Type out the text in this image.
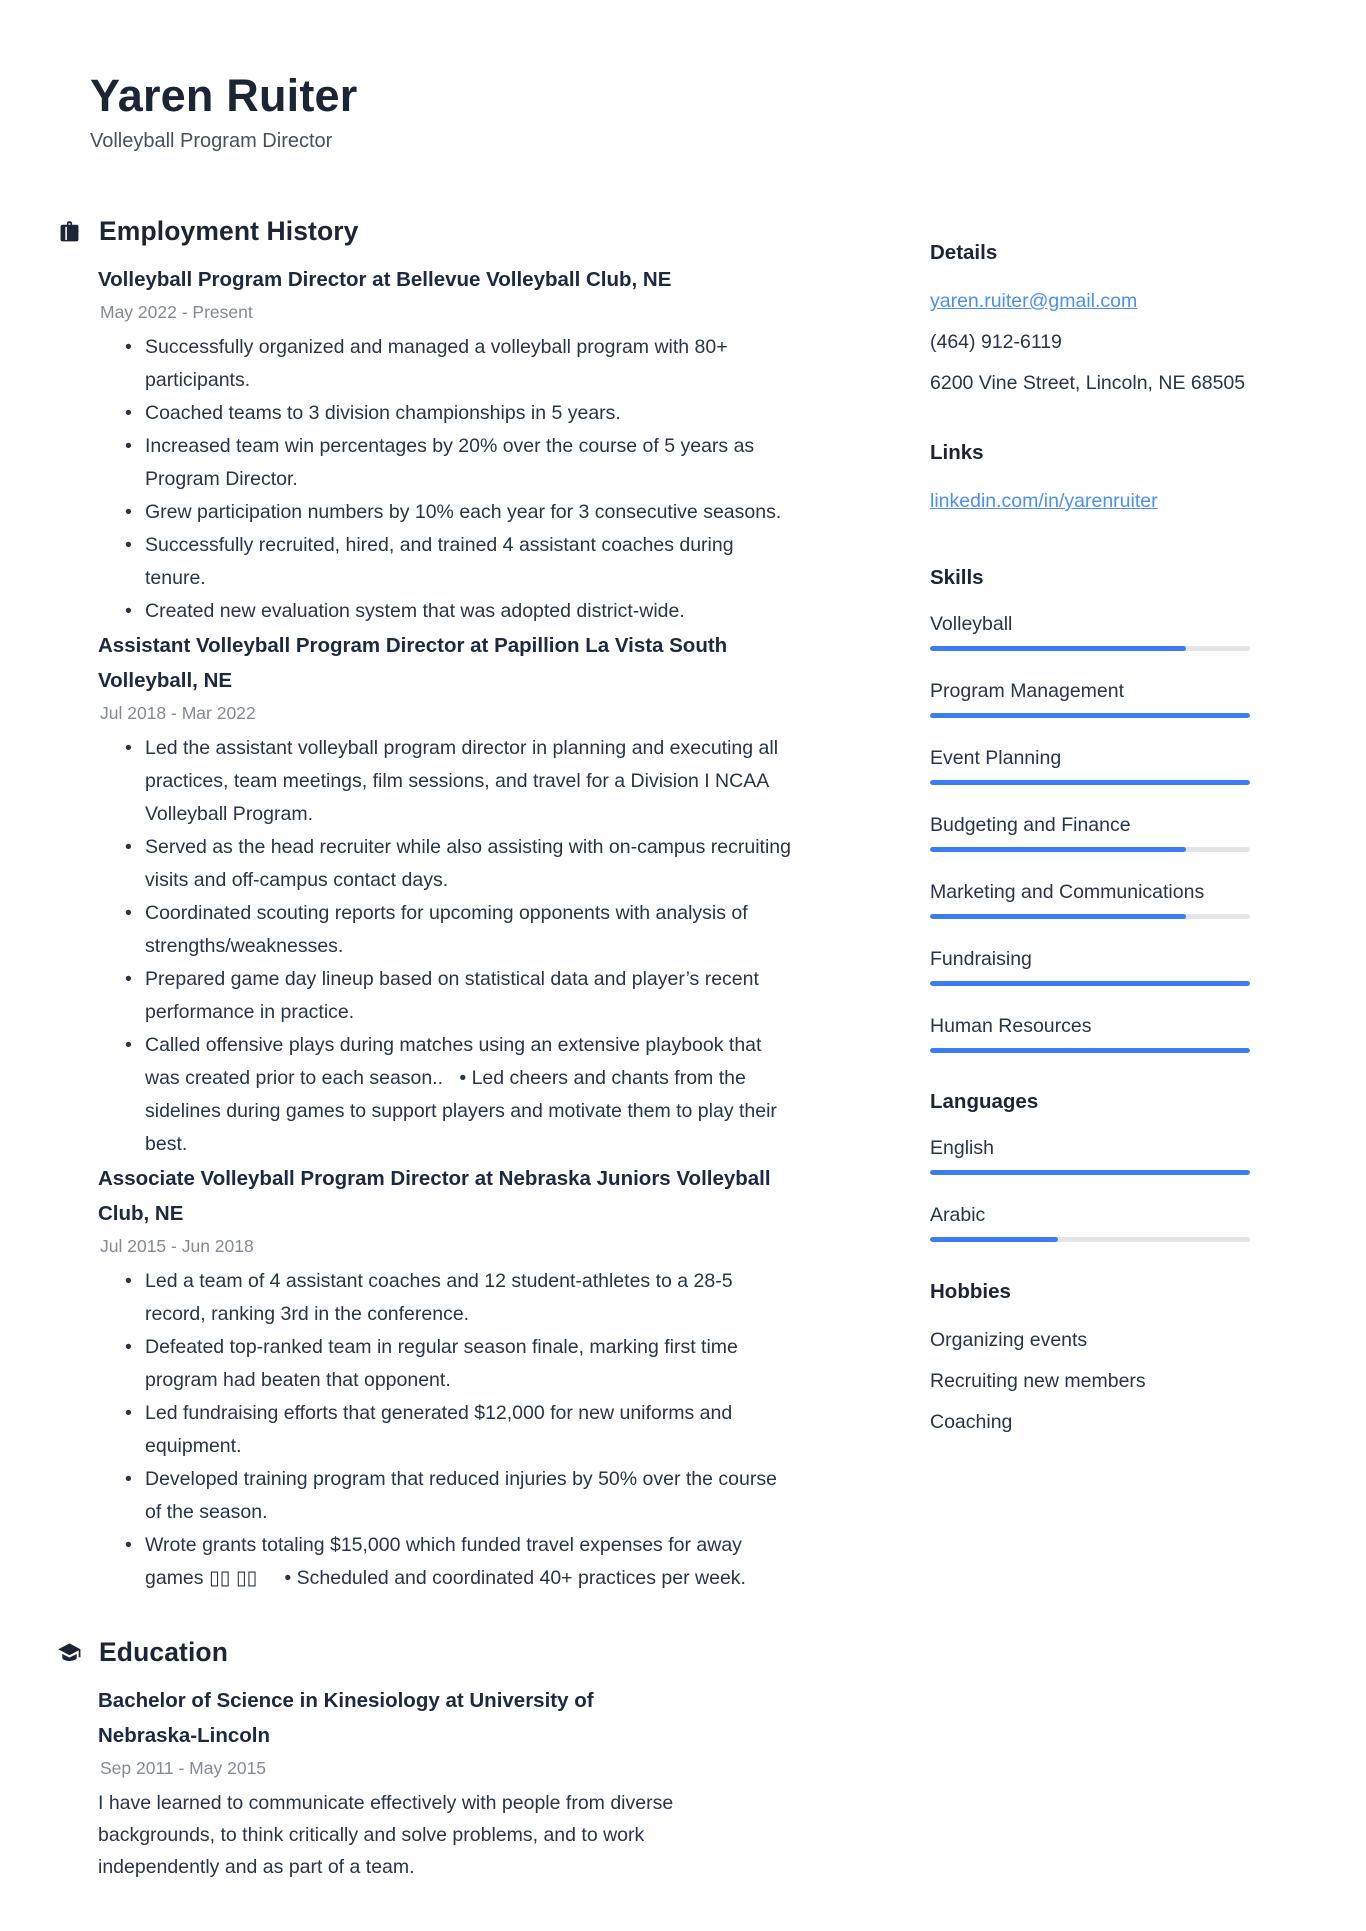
Yaren Ruiter
Volleyball Program Director
Employment History
Volleyball Program Director at Bellevue Volleyball Club, NE
May 2022 - Present
• Successfully organized and managed a volleyball program with 80+ participants.
• Coached teams to 3 division championships in 5 years.
• Increased team win percentages by 20% over the course of 5 years as Program Director.
• Grew participation numbers by 10% each year for 3 consecutive seasons.
• Successfully recruited, hired, and trained 4 assistant coaches during tenure.
• Created new evaluation system that was adopted district-wide.
Assistant Volleyball Program Director at Papillion La Vista South Volleyball, NE
Jul 2018 - Mar 2022
• Led the assistant volleyball program director in planning and executing all practices, team meetings, film sessions, and travel for a Division I NCAA Volleyball Program.
• Served as the head recruiter while also assisting with on-campus recruiting visits and off-campus contact days.
• Coordinated scouting reports for upcoming opponents with analysis of strengths/weaknesses.
• Prepared game day lineup based on statistical data and player’s recent performance in practice.
• Called offensive plays during matches using an extensive playbook that was created prior to each season..   • Led cheers and chants from the sidelines during games to support players and motivate them to play their best.
Associate Volleyball Program Director at Nebraska Juniors Volleyball Club, NE
Jul 2015 - Jun 2018
• Led a team of 4 assistant coaches and 12 student-athletes to a 28-5 record, ranking 3rd in the conference.
• Defeated top-ranked team in regular season finale, marking first time program had beaten that opponent.
• Led fundraising efforts that generated $12,000 for new uniforms and equipment.
• Developed training program that reduced injuries by 50% over the course of the season.
• Wrote grants totaling $15,000 which funded travel expenses for away games ▯▯ ▯▯     • Scheduled and coordinated 40+ practices per week.
Education
Bachelor of Science in Kinesiology at University of Nebraska-Lincoln
Sep 2011 - May 2015
I have learned to communicate effectively with people from diverse backgrounds, to think critically and solve problems, and to work independently and as part of a team.
Details
yaren.ruiter@gmail.com
(464) 912-6119
6200 Vine Street, Lincoln, NE 68505
Links
linkedin.com/in/yarenruiter
Skills
Volleyball
Program Management
Event Planning
Budgeting and Finance
Marketing and Communications
Fundraising
Human Resources
Languages
English
Arabic
Hobbies
Organizing events
Recruiting new members
Coaching
